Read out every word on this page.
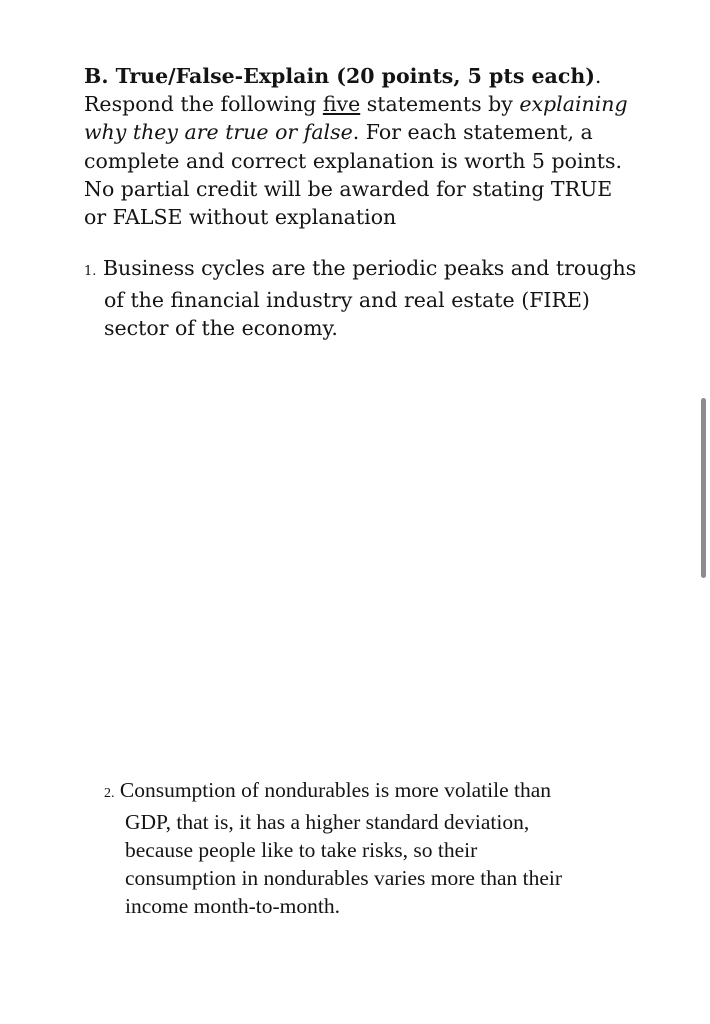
B. True/False-Explain (20 points, 5 pts each).
Respond the following five statements by explaining
why they are true or false. For each statement, a
complete and correct explanation is worth 5 points.
No partial credit will be awarded for stating TRUE
or FALSE without explanation
1. Business cycles are the periodic peaks and troughs
of the financial industry and real estate (FIRE)
sector of the economy.
2. Consumption of nondurables is more volatile than
GDP, that is, it has a higher standard deviation,
because people like to take risks, so their
consumption in nondurables varies more than their
income month-to-month.
